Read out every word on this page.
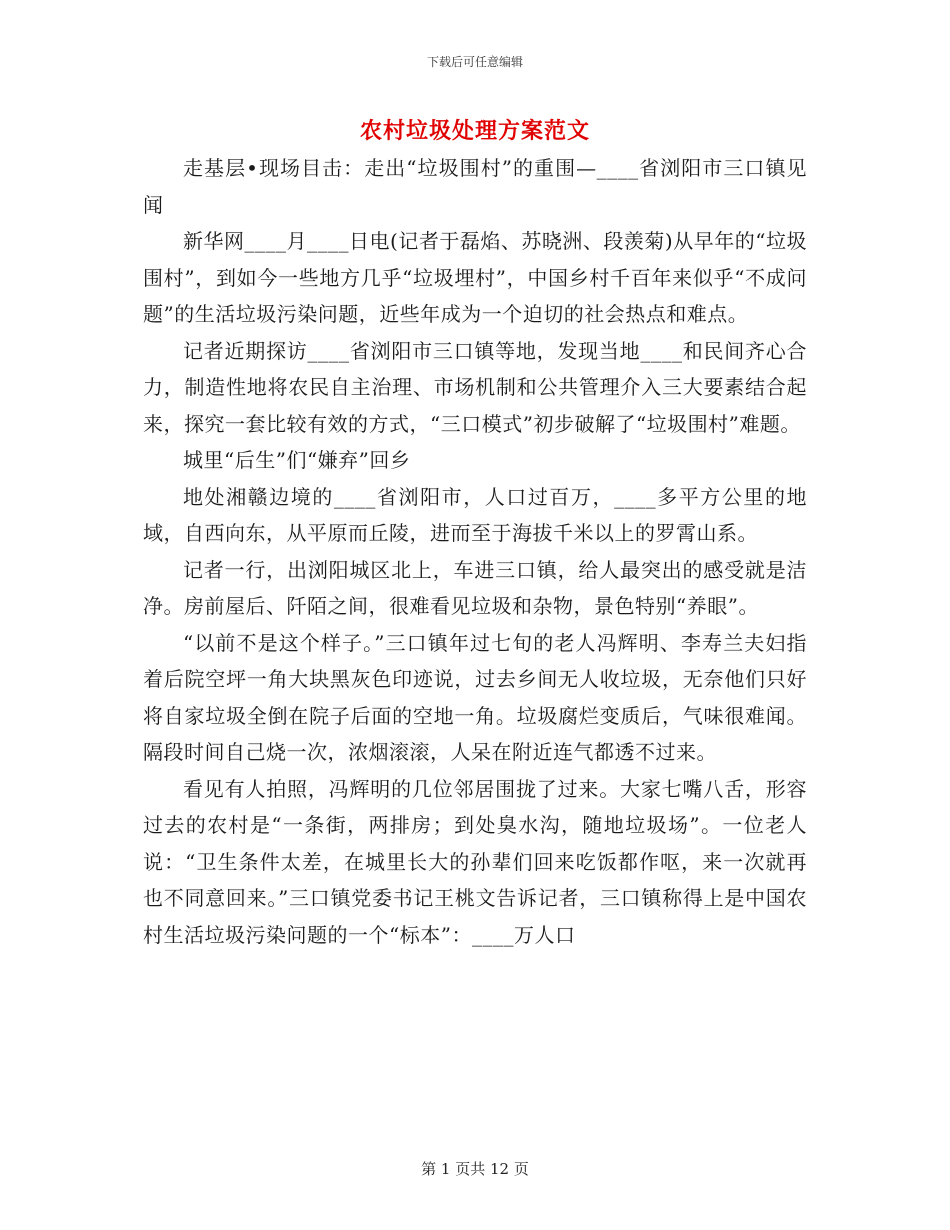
下载后可任意编辑
农村垃圾处理方案范文

走基层•现场目击：走出“垃圾围村”的重围—____省浏阳市三口镇见闻

新华网____月____日电(记者于磊焰、苏晓洲、段羡菊)从早年的“垃圾围村”，到如今一些地方几乎“垃圾埋村”，中国乡村千百年来似乎“不成问题”的生活垃圾污染问题，近些年成为一个迫切的社会热点和难点。

记者近期探访____省浏阳市三口镇等地，发现当地____和民间齐心合力，制造性地将农民自主治理、市场机制和公共管理介入三大要素结合起来，探究一套比较有效的方式，“三口模式”初步破解了“垃圾围村”难题。

城里“后生”们“嫌弃”回乡

地处湘赣边境的____省浏阳市，人口过百万，____多平方公里的地域，自西向东，从平原而丘陵，进而至于海拔千米以上的罗霄山系。

记者一行，出浏阳城区北上，车进三口镇，给人最突出的感受就是洁净。房前屋后、阡陌之间，很难看见垃圾和杂物，景色特别“养眼”。

“以前不是这个样子。”三口镇年过七旬的老人冯辉明、李寿兰夫妇指着后院空坪一角大块黑灰色印迹说，过去乡间无人收垃圾，无奈他们只好将自家垃圾全倒在院子后面的空地一角。垃圾腐烂变质后，气味很难闻。隔段时间自己烧一次，浓烟滚滚，人呆在附近连气都透不过来。

看见有人拍照，冯辉明的几位邻居围拢了过来。大家七嘴八舌，形容过去的农村是“一条街，两排房；到处臭水沟，随地垃圾场”。一位老人说：“卫生条件太差，在城里长大的孙辈们回来吃饭都作呕，来一次就再也不同意回来。”三口镇党委书记王桃文告诉记者，三口镇称得上是中国农村生活垃圾污染问题的一个“标本”：____万人口

第 1 页共 12 页
